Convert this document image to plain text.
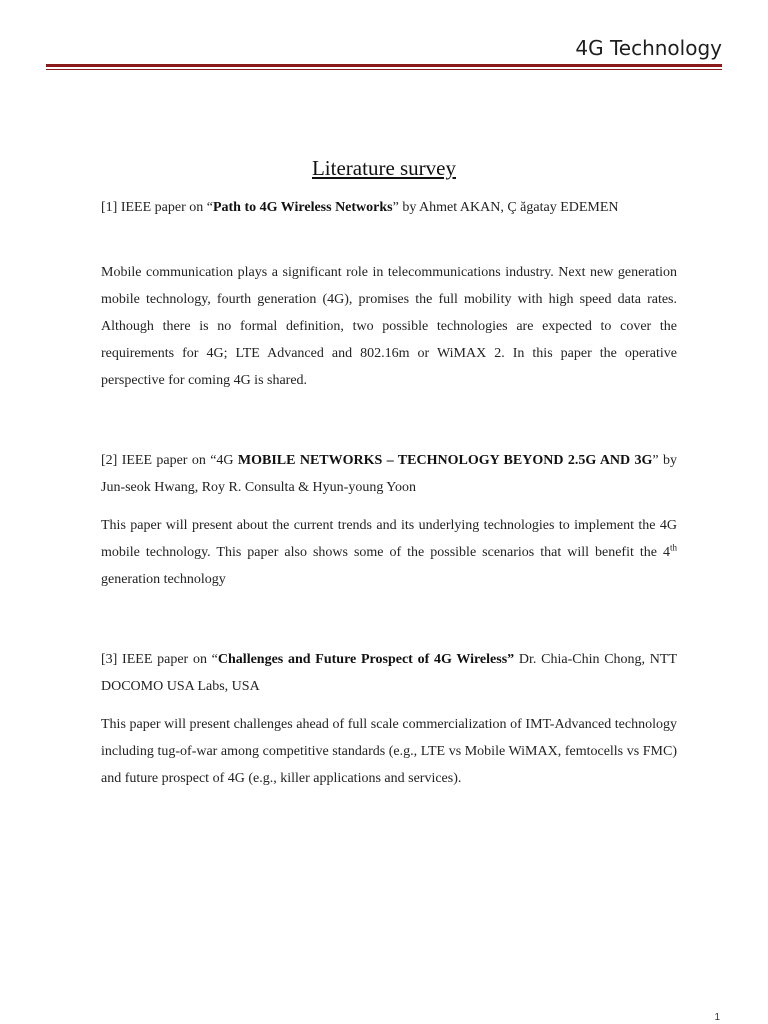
4G Technology
Literature survey
[1] IEEE paper on “Path to 4G Wireless Networks” by Ahmet AKAN, Ç ăgatay EDEMEN
Mobile communication plays a significant role in telecommunications industry. Next new generation mobile technology, fourth generation (4G), promises the full mobility with high speed data rates. Although there is no formal definition, two possible technologies are expected to cover the requirements for 4G; LTE Advanced and 802.16m or WiMAX 2. In this paper the operative perspective for coming 4G is shared.
[2] IEEE paper on “4G MOBILE NETWORKS – TECHNOLOGY BEYOND 2.5G AND 3G” by Jun-seok Hwang, Roy R. Consulta & Hyun-young Yoon
This paper will present about the current trends and its underlying technologies to implement the 4G mobile technology. This paper also shows some of the possible scenarios that will benefit the 4th generation technology
[3] IEEE paper on “Challenges and Future Prospect of 4G Wireless” Dr. Chia-Chin Chong, NTT DOCOMO USA Labs, USA
This paper will present challenges ahead of full scale commercialization of IMT-Advanced technology including tug-of-war among competitive standards (e.g., LTE vs Mobile WiMAX, femtocells vs FMC) and future prospect of 4G (e.g., killer applications and services).
1
